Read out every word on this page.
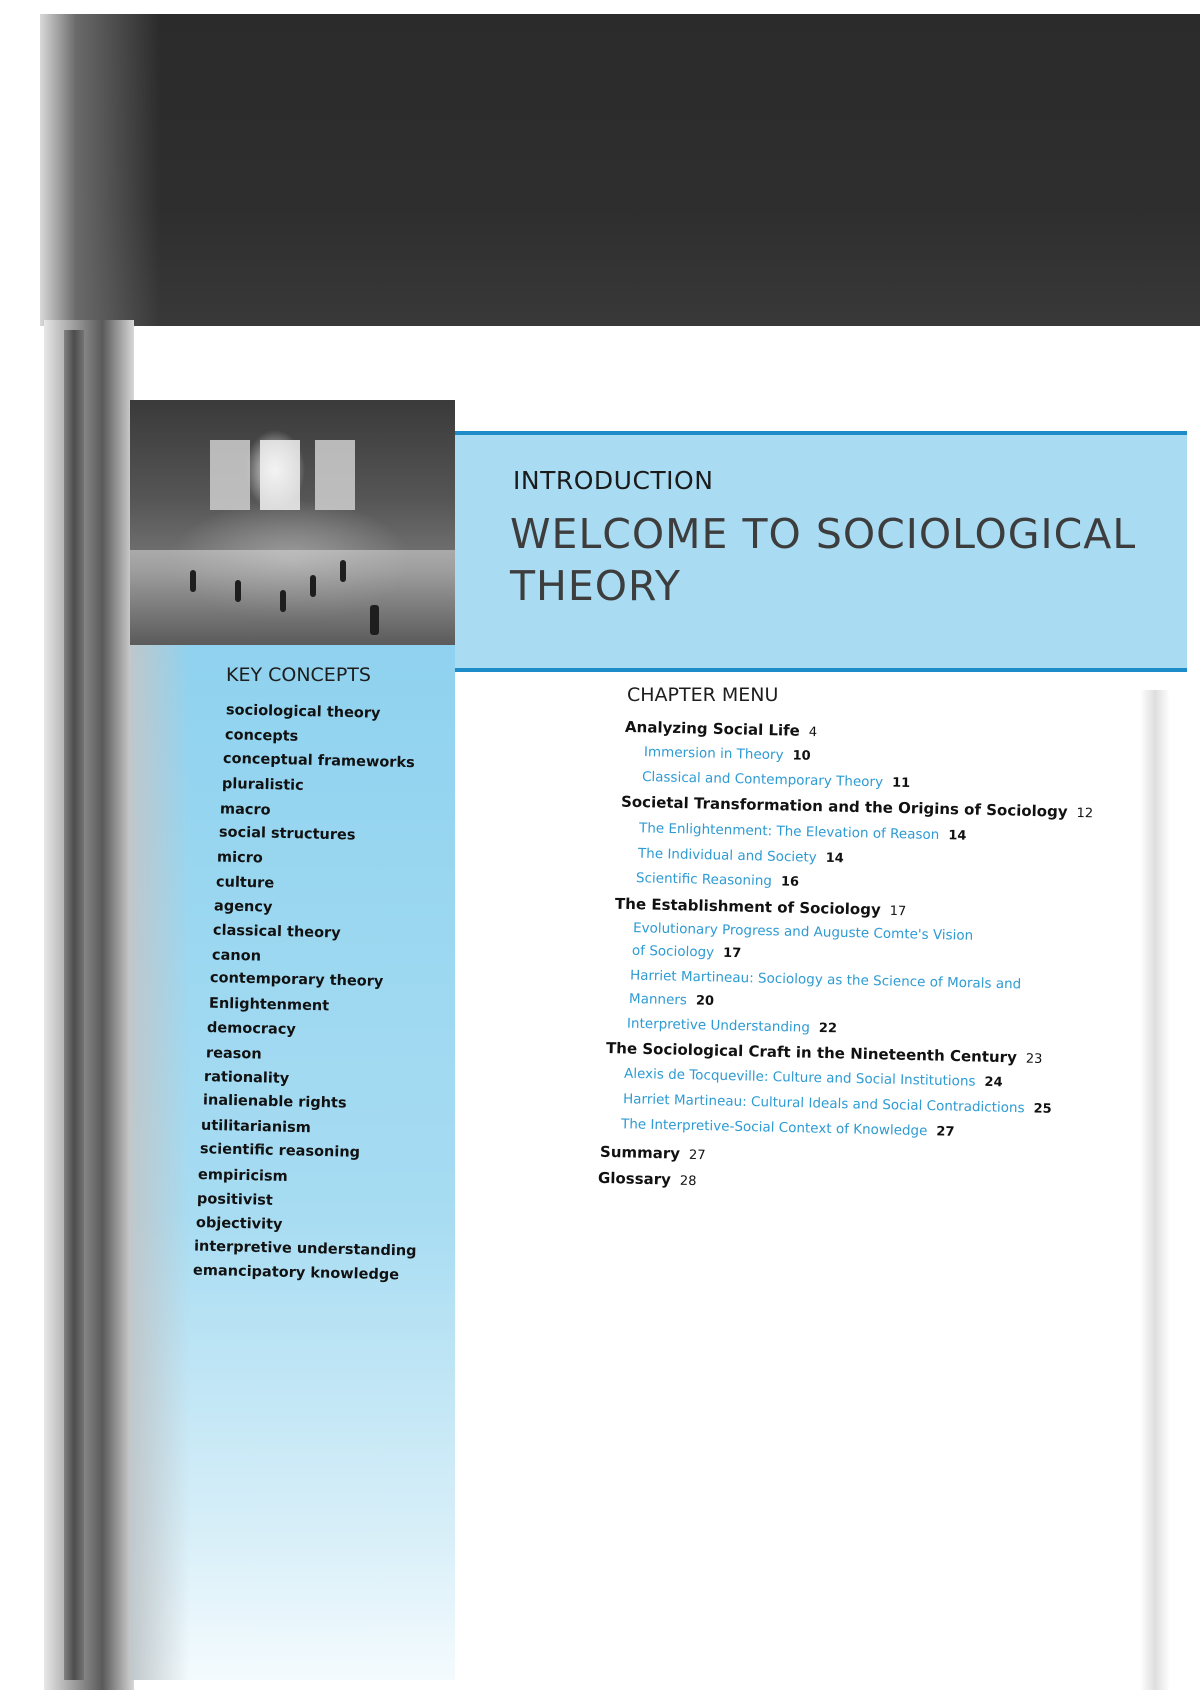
INTRODUCTION
WELCOME TO SOCIOLOGICAL
THEORY
KEY CONCEPTS
sociological theory
concepts
conceptual frameworks
pluralistic
macro
social structures
micro
culture
agency
classical theory
canon
contemporary theory
Enlightenment
democracy
reason
rationality
inalienable rights
utilitarianism
scientific reasoning
empiricism
positivist
objectivity
interpretive understanding
emancipatory knowledge
CHAPTER MENU
Analyzing Social Life 4
Immersion in Theory 10
Classical and Contemporary Theory 11
Societal Transformation and the Origins of Sociology 12
The Enlightenment: The Elevation of Reason 14
The Individual and Society 14
Scientific Reasoning 16
The Establishment of Sociology 17
Evolutionary Progress and Auguste Comte's Vision
of Sociology 17
Harriet Martineau: Sociology as the Science of Morals and
Manners 20
Interpretive Understanding 22
The Sociological Craft in the Nineteenth Century 23
Alexis de Tocqueville: Culture and Social Institutions 24
Harriet Martineau: Cultural Ideals and Social Contradictions 25
The Interpretive-Social Context of Knowledge 27
Summary 27
Glossary 28
